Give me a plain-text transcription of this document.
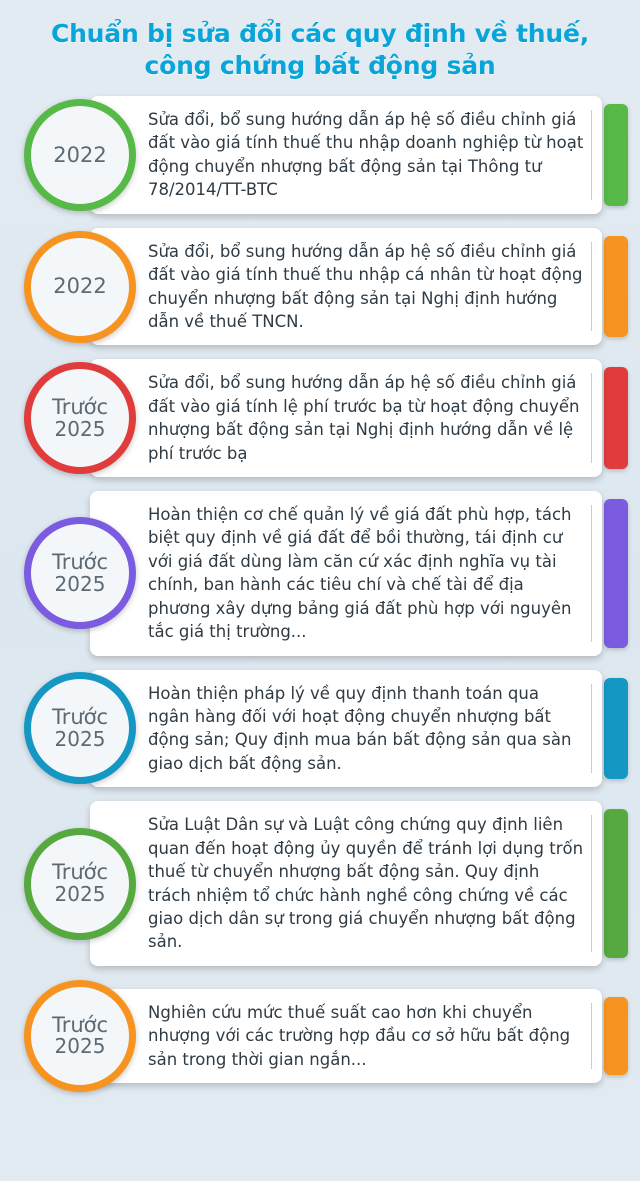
Chuẩn bị sửa đổi các quy định về thuế,
công chứng bất động sản
2022

Sửa đổi, bổ sung hướng dẫn áp hệ số điều chỉnh giá đất vào giá tính thuế thu nhập doanh nghiệp từ hoạt động chuyển nhượng bất động sản tại Thông tư 78/2014/TT-BTC

2022

Sửa đổi, bổ sung hướng dẫn áp hệ số điều chỉnh giá đất vào giá tính thuế thu nhập cá nhân từ hoạt động chuyển nhượng bất động sản tại Nghị định hướng dẫn về thuế TNCN.

Trước
2025

Sửa đổi, bổ sung hướng dẫn áp hệ số điều chỉnh giá đất vào giá tính lệ phí trước bạ từ hoạt động chuyển nhượng bất động sản tại Nghị định hướng dẫn về lệ phí trước bạ

Trước
2025

Hoàn thiện cơ chế quản lý về giá đất phù hợp, tách biệt quy định về giá đất để bồi thường, tái định cư với giá đất dùng làm căn cứ xác định nghĩa vụ tài chính, ban hành các tiêu chí và chế tài để địa phương xây dựng bảng giá đất phù hợp với nguyên tắc giá thị trường...

Trước
2025

Hoàn thiện pháp lý về quy định thanh toán qua ngân hàng đối với hoạt động chuyển nhượng bất động sản; Quy định mua bán bất động sản qua sàn giao dịch bất động sản.

Trước
2025

Sửa Luật Dân sự và Luật công chứng quy định liên quan đến hoạt động ủy quyền để tránh lợi dụng trốn thuế từ chuyển nhượng bất động sản. Quy định trách nhiệm tổ chức hành nghề công chứng về các giao dịch dân sự trong giá chuyển nhượng bất động sản.

Trước
2025

Nghiên cứu mức thuế suất cao hơn khi chuyển nhượng với các trường hợp đầu cơ sở hữu bất động sản trong thời gian ngắn...
